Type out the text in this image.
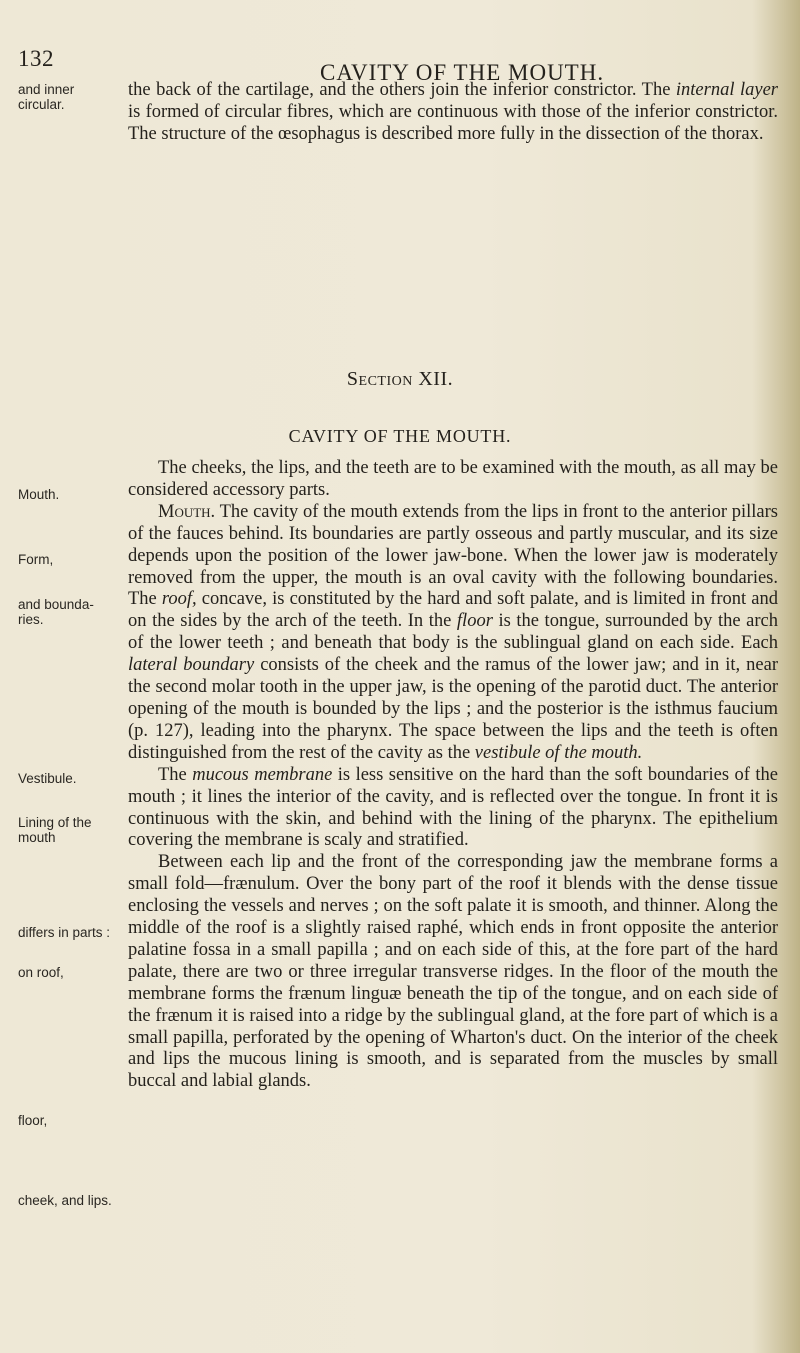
132
CAVITY OF THE MOUTH.

the back of the cartilage, and the others join the inferior constrictor. The internal layer is formed of circular fibres, which are continuous with those of the inferior constrictor. The structure of the œsophagus is described more fully in the dissection of the thorax.

and inner circular.
Section XII.
CAVITY OF THE MOUTH.

The cheeks, the lips, and the teeth are to be examined with the mouth, as all may be considered accessory parts.

Mouth. The cavity of the mouth extends from the lips in front to the anterior pillars of the fauces behind. Its boundaries are partly osseous and partly muscular, and its size depends upon the position of the lower jaw-bone. When the lower jaw is moderately removed from the upper, the mouth is an oval cavity with the following boundaries. The roof, concave, is constituted by the hard and soft palate, and is limited in front and on the sides by the arch of the teeth. In the floor is the tongue, surrounded by the arch of the lower teeth ; and beneath that body is the sublingual gland on each side. Each lateral boundary consists of the cheek and the ramus of the lower jaw; and in it, near the second molar tooth in the upper jaw, is the opening of the parotid duct. The anterior opening of the mouth is bounded by the lips ; and the posterior is the isthmus faucium (p. 127), leading into the pharynx. The space between the lips and the teeth is often distinguished from the rest of the cavity as the vestibule of the mouth.

The mucous membrane is less sensitive on the hard than the soft boundaries of the mouth ; it lines the interior of the cavity, and is reflected over the tongue. In front it is continuous with the skin, and behind with the lining of the pharynx. The epithelium covering the membrane is scaly and stratified.

Between each lip and the front of the corresponding jaw the membrane forms a small fold—frænulum. Over the bony part of the roof it blends with the dense tissue enclosing the vessels and nerves ; on the soft palate it is smooth, and thinner. Along the middle of the roof is a slightly raised raphé, which ends in front opposite the anterior palatine fossa in a small papilla ; and on each side of this, at the fore part of the hard palate, there are two or three irregular transverse ridges. In the floor of the mouth the membrane forms the frænum linguæ beneath the tip of the tongue, and on each side of the frænum it is raised into a ridge by the sublingual gland, at the fore part of which is a small papilla, perforated by the opening of Wharton's duct. On the interior of the cheek and lips the mucous lining is smooth, and is separated from the muscles by small buccal and labial glands.

Mouth.
Form,
and bounda-ries.
Vestibule.
Lining of the mouth
differs in parts :
on roof,
floor,
cheek, and lips.
